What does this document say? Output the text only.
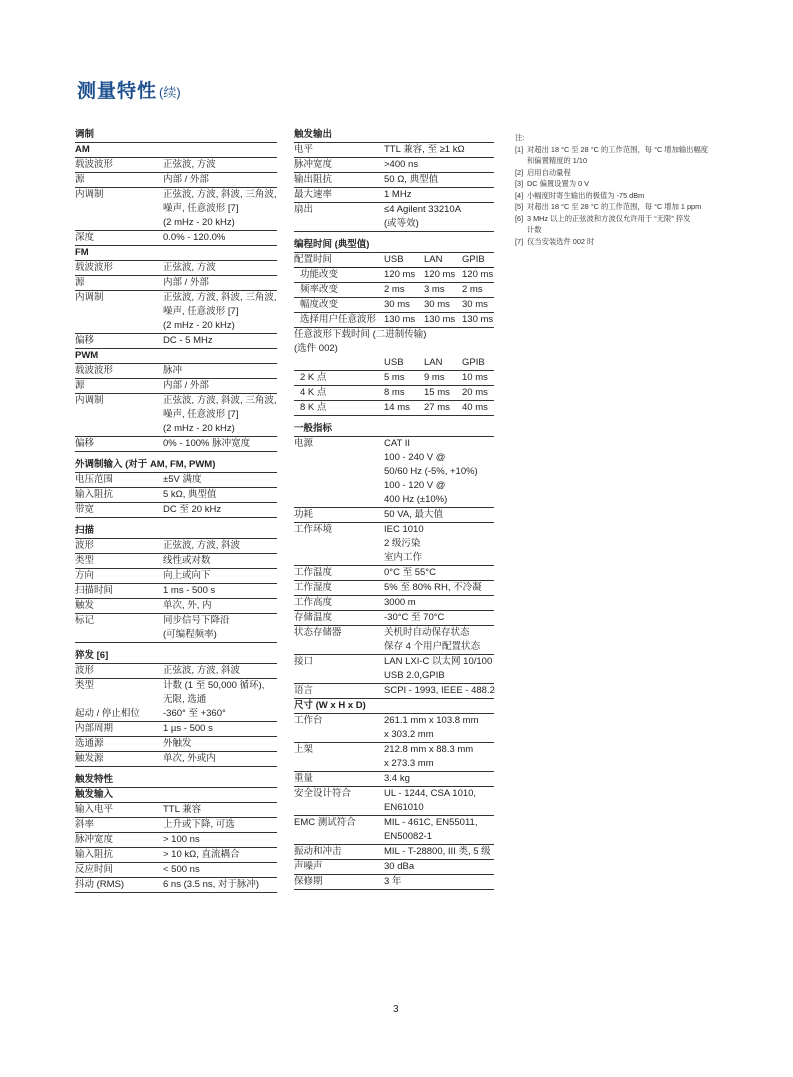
测量特性 (续)
调制
AM
载波波形	正弦波, 方波
源	内部 / 外部
内调制	正弦波, 方波, 斜波, 三角波,
噪声, 任意波形 [7]
(2 mHz - 20 kHz)
深度	0.0% - 120.0%
FM
载波波形	正弦波, 方波
源	内部 / 外部
内调制	正弦波, 方波, 斜波, 三角波,
噪声, 任意波形 [7]
(2 mHz - 20 kHz)
偏移	DC - 5 MHz
PWM
载波波形	脉冲
源	内部 / 外部
内调制	正弦波, 方波, 斜波, 三角波,
噪声, 任意波形 [7]
(2 mHz - 20 kHz)
偏移	0% - 100% 脉冲宽度
外调制输入 (对于 AM, FM, PWM)
电压范围	±5V 满度
输入阻抗	5 kΩ, 典型值
带宽	DC 至 20 kHz
扫描
波形	正弦波, 方波, 斜波
类型	线性或对数
方向	向上或向下
扫描时间	1 ms - 500 s
触发	单次, 外, 内
标记	同步信号下降沿
(可编程频率)
猝发 [6]
波形	正弦波, 方波, 斜波
类型	计数 (1 至 50,000 循环),
无限, 选通
起动 / 停止相位 -360° 至 +360°
内部周期	1 µs - 500 s
选通源	外触发
触发源	单次, 外或内
触发特性
触发输入
输入电平	TTL 兼容
斜率	上升或下降, 可选
脉冲宽度	> 100 ns
输入阻抗	> 10 kΩ, 直流耦合
反应时间	< 500 ns
抖动 (RMS)	6 ns (3.5 ns, 对于脉冲)
触发输出
电平	TTL 兼容, 至 ≥1 kΩ
脉冲宽度	>400 ns
输出阻抗	50 Ω, 典型值
最大速率	1 MHz
扇出	≤4 Agilent 33210A
(或等效)
编程时间 (典型值)
配置时间	USB LAN GPIB
功能改变	120 ms 120 ms 120 ms
频率改变	2 ms 3 ms 2 ms
幅度改变	30 ms 30 ms 30 ms
选择用户任意波形 130 ms 130 ms 130 ms
任意波形下载时间 (二进制传输)
(选件 002)
USB LAN GPIB
2 K 点	5 ms 9 ms 10 ms
4 K 点	8 ms 15 ms 20 ms
8 K 点	14 ms 27 ms 40 ms
一般指标
电源	CAT II
100 - 240 V @
50/60 Hz (-5%, +10%)
100 - 120 V @
400 Hz (±10%)
功耗	50 VA, 最大值
工作环境	IEC 1010
2 级污染
室内工作
工作温度	0°C 至 55°C
工作湿度	5% 至 80% RH, 不冷凝
工作高度	3000 m
存储温度	-30°C 至 70°C
状态存储器	关机时自动保存状态
保存 4 个用户配置状态
接口	LAN LXI-C 以太网 10/100
USB 2.0,GPIB
语言	SCPI - 1993, IEEE - 488.2
尺寸 (W x H x D)
工作台	261.1 mm x 103.8 mm
x 303.2 mm
上架	212.8 mm x 88.3 mm
x 273.3 mm
重量	3.4 kg
安全设计符合	UL - 1244, CSA 1010,
EN61010
EMC 测试符合	MIL - 461C, EN55011,
EN50082-1
振动和冲击	MIL - T-28800, III 类, 5 级
声噪声	30 dBa
保修期	3 年
注:
[1] 对超出 18 °C 至 28 °C 的工作范围，每 °C 增加输出幅度
和偏置精度的 1/10
[2] 启用自动量程
[3] DC 偏置设置为 0 V
[4] 小幅度时寄生输出的极值为 -75 dBm
[5] 对超出 18 °C 至 28 °C 的工作范围，每 °C 增加 1 ppm
[6] 3 MHz 以上的正弦波和方波仅允许用于 “无限” 猝发
计数
[7] 仅当安装选件 002 时
3
